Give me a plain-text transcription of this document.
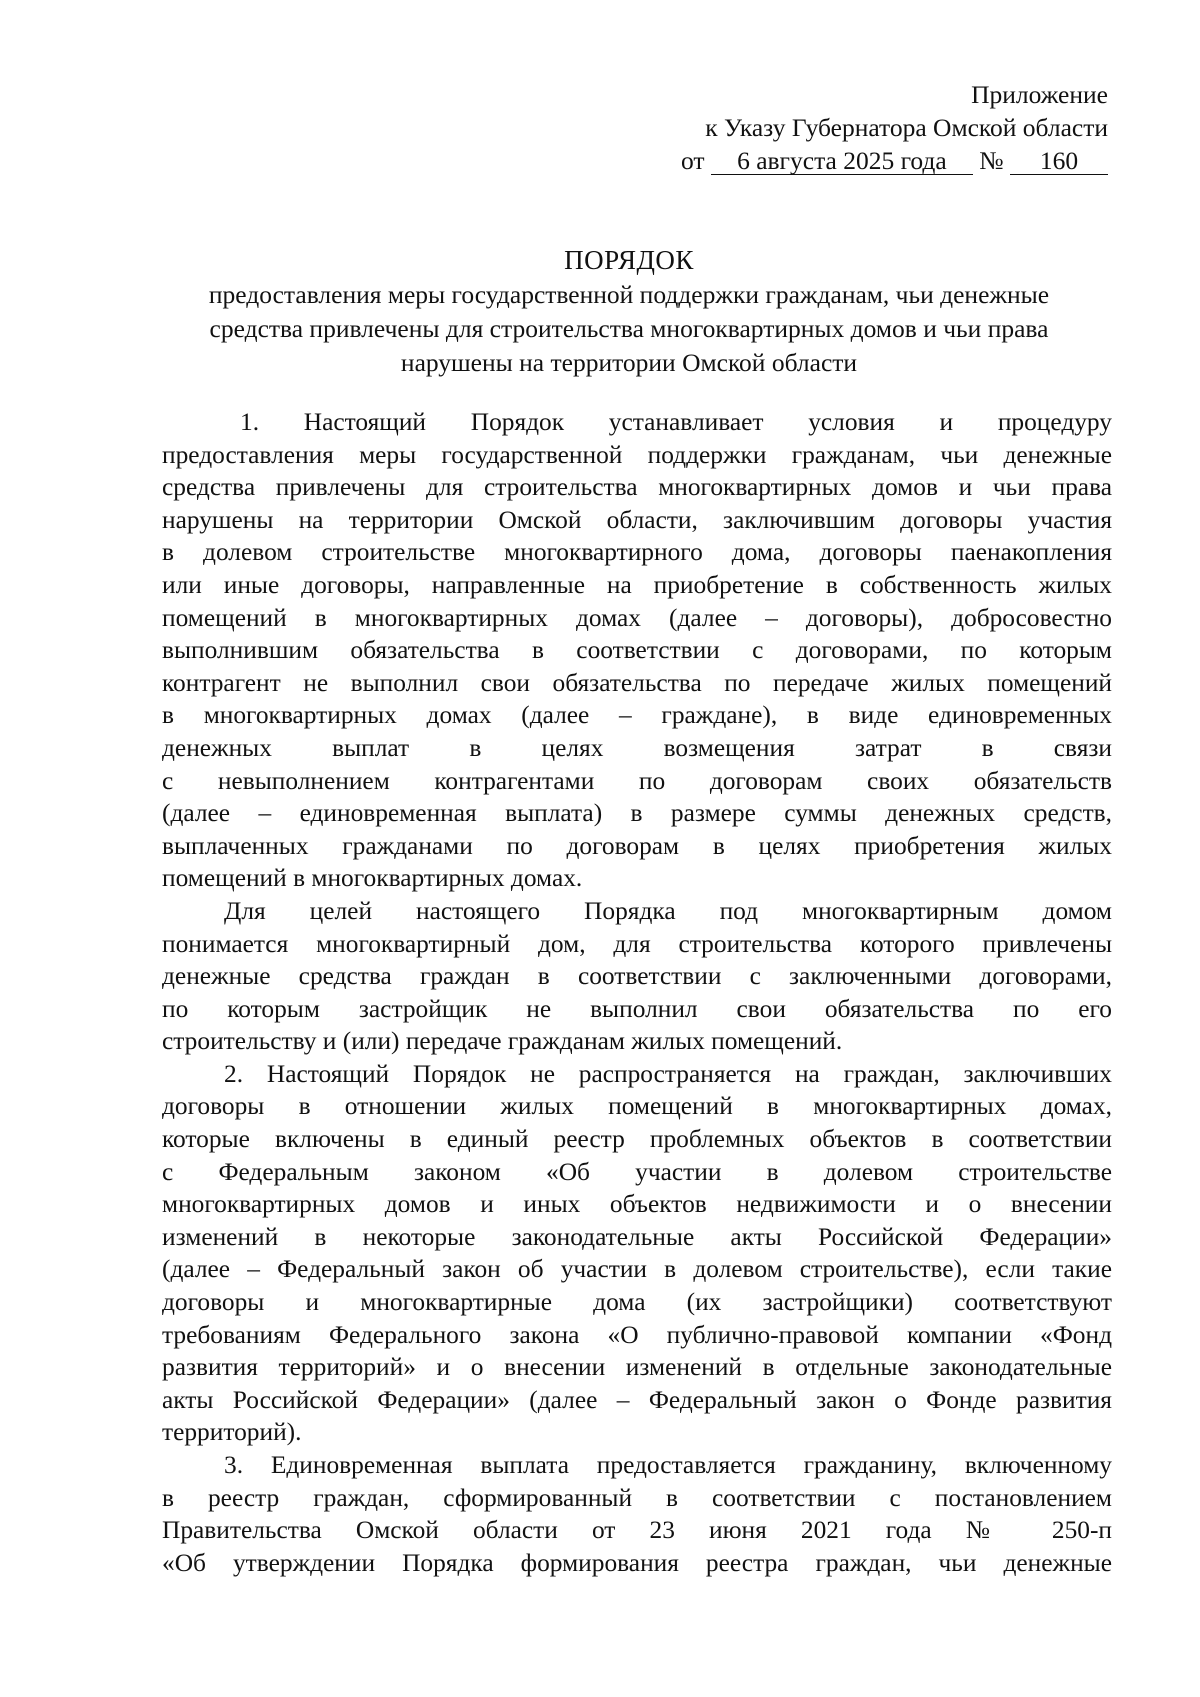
Приложение
к Указу Губернатора Омской области
от 6 августа 2025 года № 160
ПОРЯДОК
предоставления меры государственной поддержки гражданам, чьи денежные
средства привлечены для строительства многоквартирных домов и чьи права
нарушены на территории Омской области
1. Настоящий Порядок устанавливает условия и процедуру
предоставления меры государственной поддержки гражданам, чьи денежные
средства привлечены для строительства многоквартирных домов и чьи права
нарушены на территории Омской области, заключившим договоры участия
в долевом строительстве многоквартирного дома, договоры паенакопления
или иные договоры, направленные на приобретение в собственность жилых
помещений в многоквартирных домах (далее – договоры), добросовестно
выполнившим обязательства в соответствии с договорами, по которым
контрагент не выполнил свои обязательства по передаче жилых помещений
в многоквартирных домах (далее – граждане), в виде единовременных
денежных выплат в целях возмещения затрат в связи
с невыполнением контрагентами по договорам своих обязательств
(далее – единовременная выплата) в размере суммы денежных средств,
выплаченных гражданами по договорам в целях приобретения жилых
помещений в многоквартирных домах.
Для целей настоящего Порядка под многоквартирным домом
понимается многоквартирный дом, для строительства которого привлечены
денежные средства граждан в соответствии с заключенными договорами,
по которым застройщик не выполнил свои обязательства по его
строительству и (или) передаче гражданам жилых помещений.
2. Настоящий Порядок не распространяется на граждан, заключивших
договоры в отношении жилых помещений в многоквартирных домах,
которые включены в единый реестр проблемных объектов в соответствии
с Федеральным законом «Об участии в долевом строительстве
многоквартирных домов и иных объектов недвижимости и о внесении
изменений в некоторые законодательные акты Российской Федерации»
(далее – Федеральный закон об участии в долевом строительстве), если такие
договоры и многоквартирные дома (их застройщики) соответствуют
требованиям Федерального закона «О публично-правовой компании «Фонд
развития территорий» и о внесении изменений в отдельные законодательные
акты Российской Федерации» (далее – Федеральный закон о Фонде развития
территорий).
3. Единовременная выплата предоставляется гражданину, включенному
в реестр граждан, сформированный в соответствии с постановлением
Правительства Омской области от 23 июня 2021 года № 250-п
«Об утверждении Порядка формирования реестра граждан, чьи денежные
